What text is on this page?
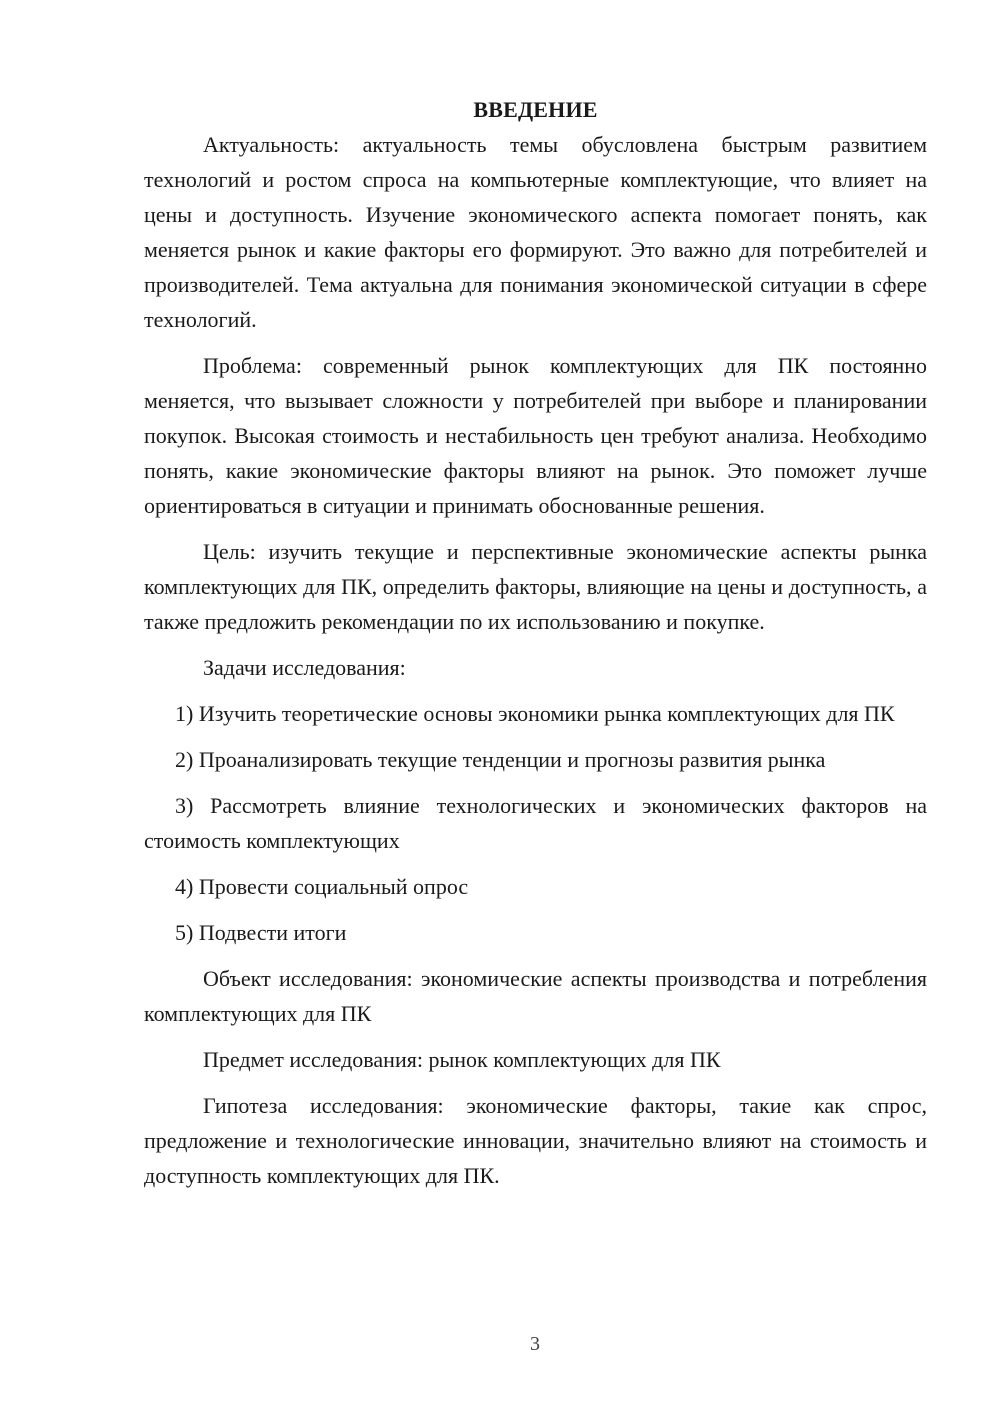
ВВЕДЕНИЕ

Актуальность: актуальность темы обусловлена быстрым развитием технологий и ростом спроса на компьютерные комплектующие, что влияет на цены и доступность. Изучение экономического аспекта помогает понять, как меняется рынок и какие факторы его формируют. Это важно для потребителей и производителей. Тема актуальна для понимания экономической ситуации в сфере технологий.

Проблема: современный рынок комплектующих для ПК постоянно меняется, что вызывает сложности у потребителей при выборе и планировании покупок. Высокая стоимость и нестабильность цен требуют анализа. Необходимо понять, какие экономические факторы влияют на рынок. Это поможет лучше ориентироваться в ситуации и принимать обоснованные решения.

Цель: изучить текущие и перспективные экономические аспекты рынка комплектующих для ПК, определить факторы, влияющие на цены и доступность, а также предложить рекомендации по их использованию и покупке.

Задачи исследования:

1) Изучить теоретические основы экономики рынка комплектующих для ПК

2) Проанализировать текущие тенденции и прогнозы развития рынка

3) Рассмотреть влияние технологических и экономических факторов на стоимость комплектующих

4) Провести социальный опрос

5) Подвести итоги

Объект исследования: экономические аспекты производства и потребления комплектующих для ПК

Предмет исследования: рынок комплектующих для ПК

Гипотеза исследования: экономические факторы, такие как спрос, предложение и технологические инновации, значительно влияют на стоимость и доступность комплектующих для ПК.

3
